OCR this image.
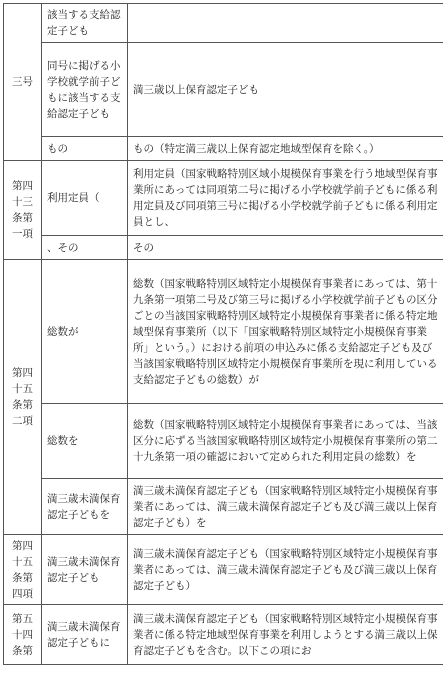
三号	該当する支給認定子ども	
	同号に掲げる小学校就学前子どもに該当する支給認定子ども	満三歳以上保育認定子ども
	もの	もの（特定満三歳以上保育認定地域型保育を除く。）
第四十三条第一項	利用定員（	利用定員（国家戦略特別区域小規模保育事業を行う地域型保育事業所にあっては同項第二号に掲げる小学校就学前子どもに係る利用定員及び同項第三号に掲げる小学校就学前子どもに係る利用定員とし、
	、その	その
第四十五条第二項	総数が	総数（国家戦略特別区域特定小規模保育事業者にあっては、第十九条第一項第二号及び第三号に掲げる小学校就学前子どもの区分ごとの当該国家戦略特別区域特定小規模保育事業者に係る特定地域型保育事業所（以下「国家戦略特別区域特定小規模保育事業所」という。）における前項の申込みに係る支給認定子ども及び当該国家戦略特別区域特定小規模保育事業所を現に利用している支給認定子どもの総数）が
	総数を	総数（国家戦略特別区域特定小規模保育事業者にあっては、当該区分に応ずる当該国家戦略特別区域特定小規模保育事業所の第二十九条第一項の確認において定められた利用定員の総数）を
	満三歳未満保育認定子どもを	満三歳未満保育認定子ども（国家戦略特別区域特定小規模保育事業者にあっては、満三歳未満保育認定子ども及び満三歳以上保育認定子ども）を
第四十五条第四項	満三歳未満保育認定子ども	満三歳未満保育認定子ども（国家戦略特別区域特定小規模保育事業者にあっては、満三歳未満保育認定子ども及び満三歳以上保育認定子ども）
第五十四条第	満三歳未満保育認定子どもに	満三歳未満保育認定子ども（国家戦略特別区域特定小規模保育事業者に係る特定地域型保育事業を利用しようとする満三歳以上保育認定子どもを含む。以下この項にお
